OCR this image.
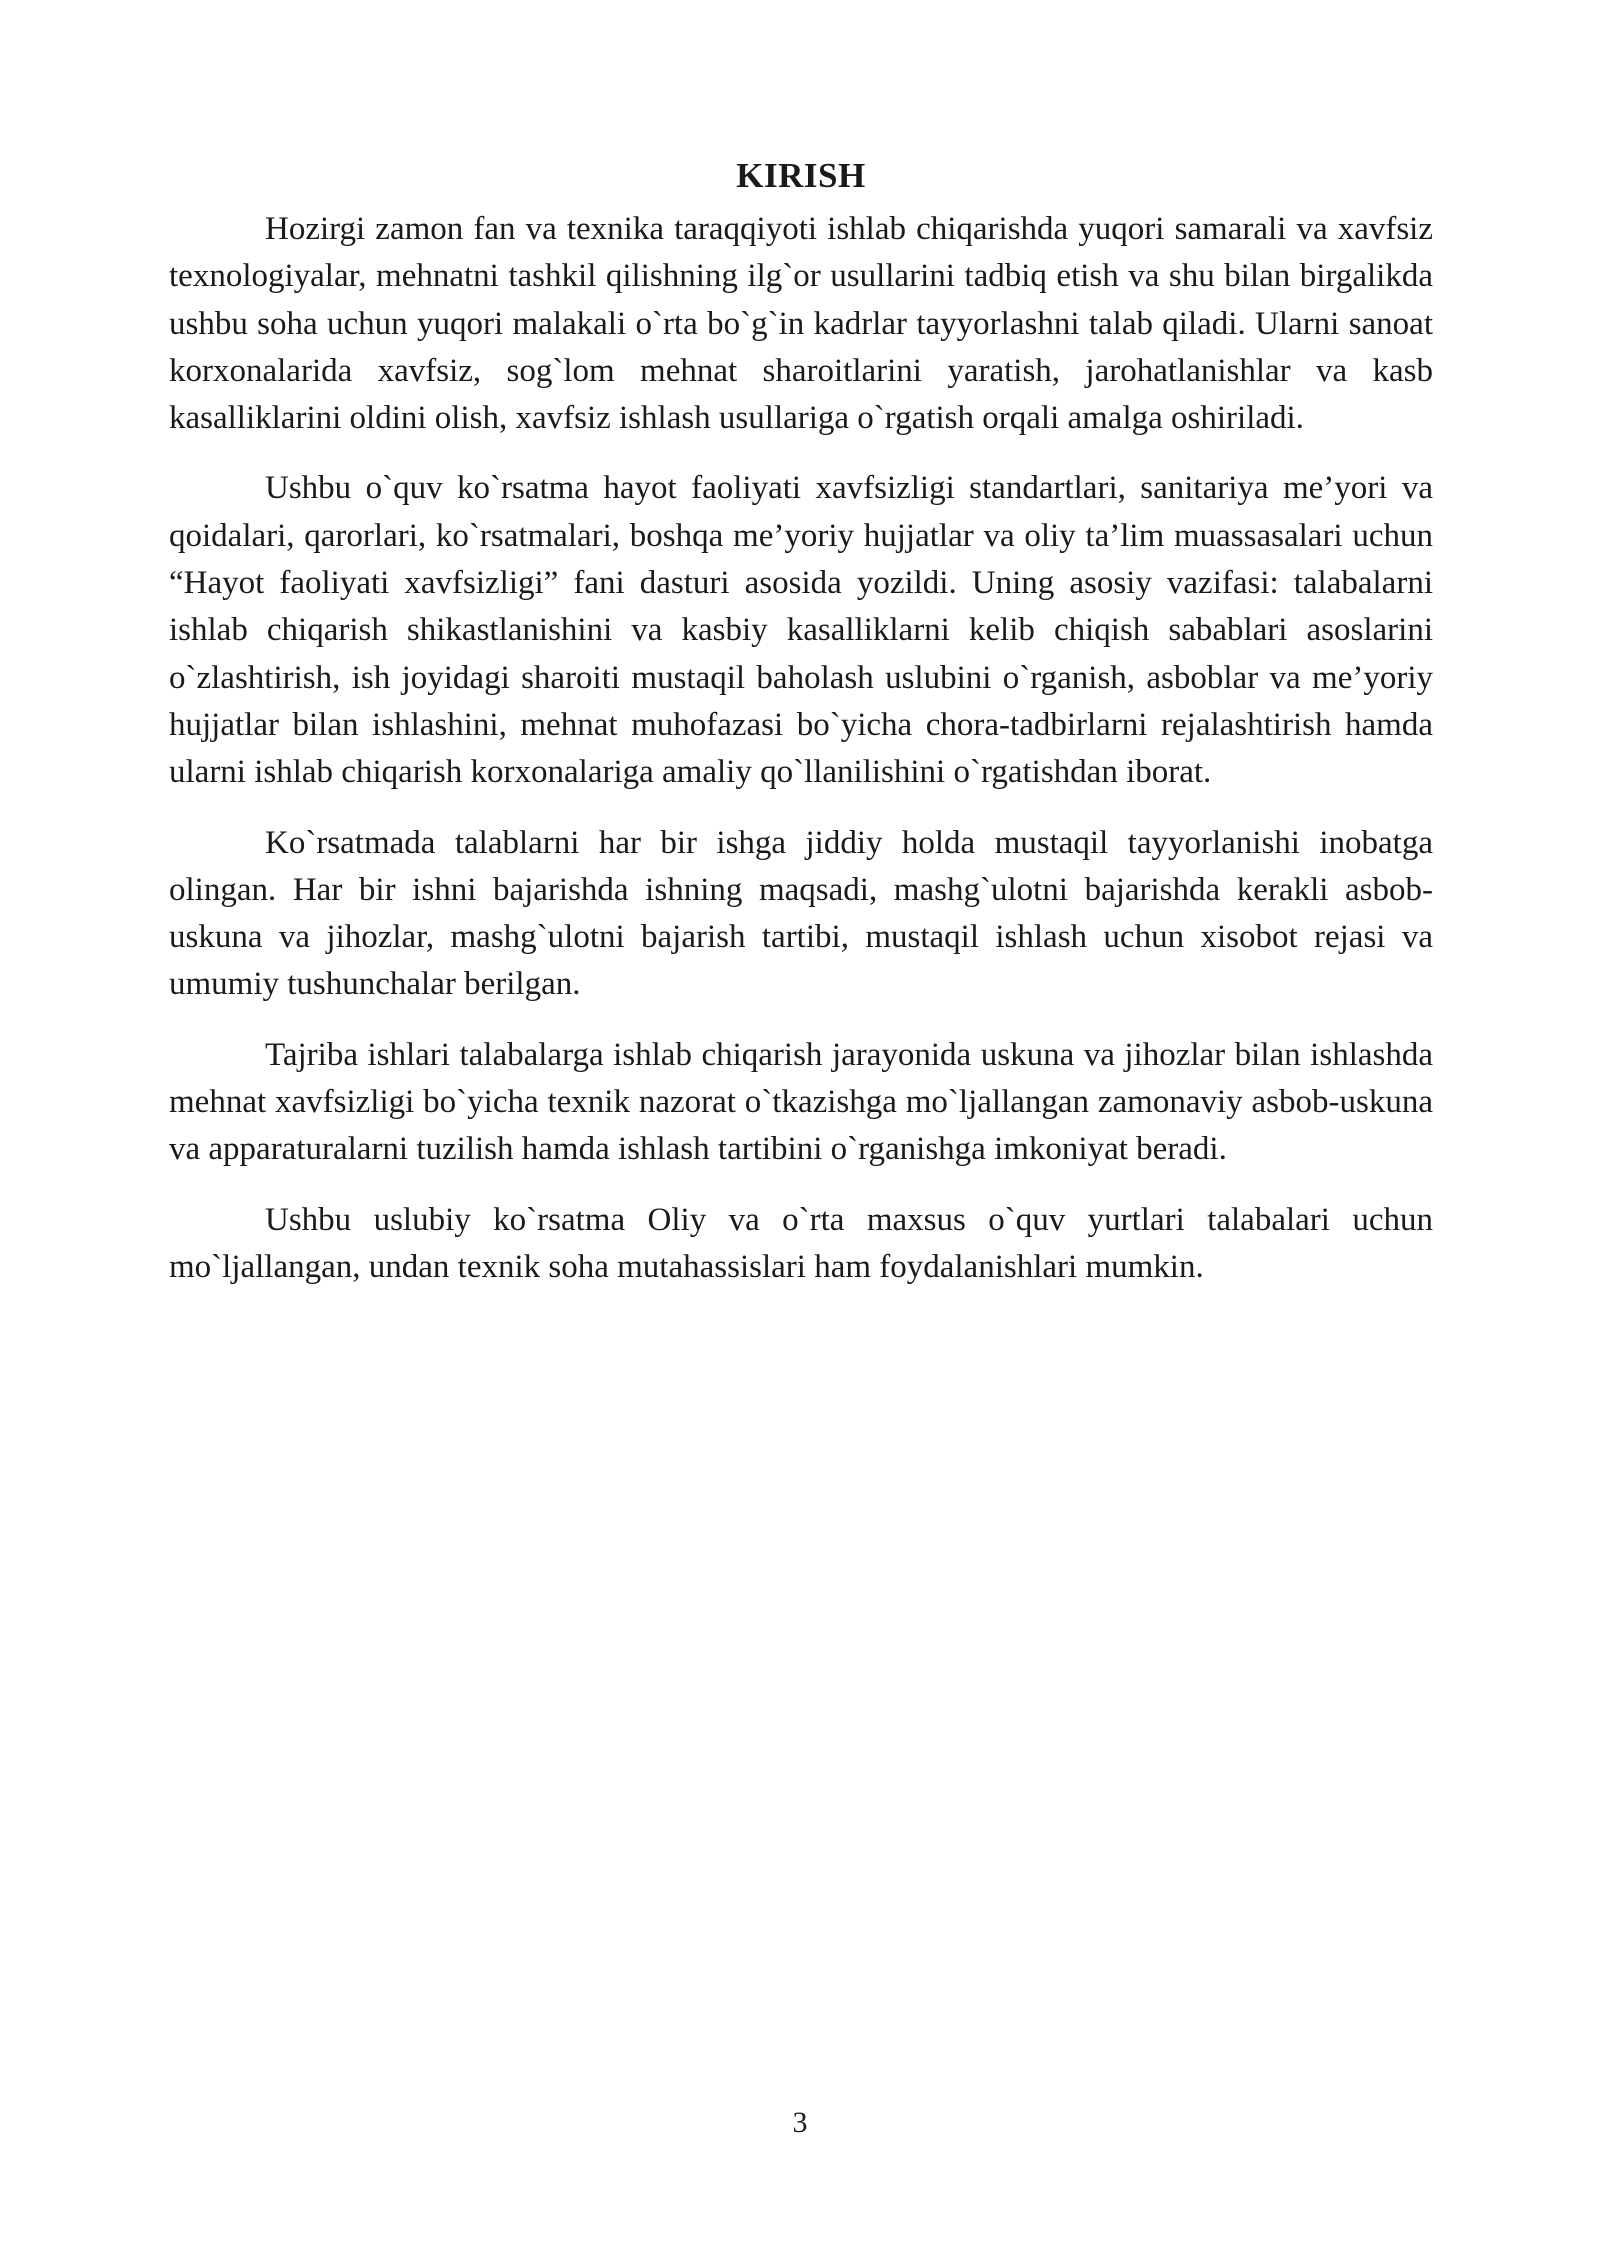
KIRISH

Hozirgi zamon fan va texnika taraqqiyoti ishlab chiqarishda yuqori samarali va xavfsiz texnologiyalar, mehnatni tashkil qilishning ilg`or usullarini tadbiq etish va shu bilan birgalikda ushbu soha uchun yuqori malakali o`rta bo`g`in kadrlar tayyorlashni talab qiladi. Ularni sanoat korxonalarida xavfsiz, sog`lom mehnat sharoitlarini yaratish, jarohatlanishlar va kasb kasalliklarini oldini olish, xavfsiz ishlash usullariga o`rgatish orqali amalga oshiriladi.

Ushbu o`quv ko`rsatma hayot faoliyati xavfsizligi standartlari, sanitariya me’yori va qoidalari, qarorlari, ko`rsatmalari, boshqa me’yoriy hujjatlar va oliy ta’lim muassasalari uchun “Hayot faoliyati xavfsizligi” fani dasturi asosida yozildi. Uning asosiy vazifasi: talabalarni ishlab chiqarish shikastlanishini va kasbiy kasalliklarni kelib chiqish sabablari asoslarini o`zlashtirish, ish joyidagi sharoiti mustaqil baholash uslubini o`rganish, asboblar va me’yoriy hujjatlar bilan ishlashini, mehnat muhofazasi bo`yicha chora-tadbirlarni rejalashtirish hamda ularni ishlab chiqarish korxonalariga amaliy qo`llanilishini o`rgatishdan iborat.

Ko`rsatmada talablarni har bir ishga jiddiy holda mustaqil tayyorlanishi inobatga olingan. Har bir ishni bajarishda ishning maqsadi, mashg`ulotni bajarishda kerakli asbob-uskuna va jihozlar, mashg`ulotni bajarish tartibi, mustaqil ishlash uchun xisobot rejasi va umumiy tushunchalar berilgan.

Tajriba ishlari talabalarga ishlab chiqarish jarayonida uskuna va jihozlar bilan ishlashda mehnat xavfsizligi bo`yicha texnik nazorat o`tkazishga mo`ljallangan zamonaviy asbob-uskuna va apparaturalarni tuzilish hamda ishlash tartibini o`rganishga imkoniyat beradi.

Ushbu uslubiy ko`rsatma Oliy va o`rta maxsus o`quv yurtlari talabalari uchun mo`ljallangan, undan texnik soha mutahassislari ham foydalanishlari mumkin.

3
